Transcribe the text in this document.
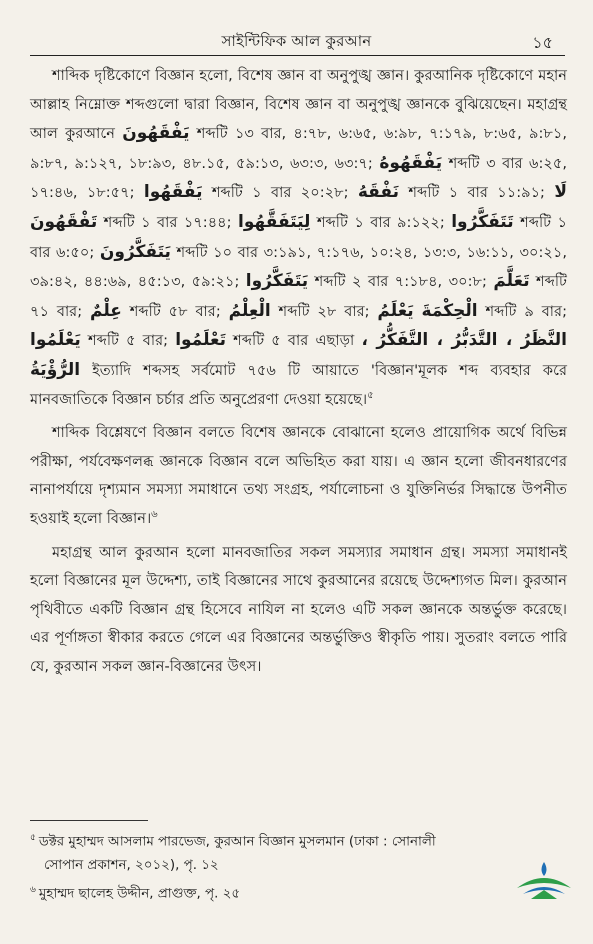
সাইন্টিফিক আল কুরআন	১৫

শাব্দিক দৃষ্টিকোণে বিজ্ঞান হলো, বিশেষ জ্ঞান বা অনুপুঙ্খ জ্ঞান। কুরআনিক দৃষ্টিকোণে মহান আল্লাহ নিম্নোক্ত শব্দগুলো দ্বারা বিজ্ঞান, বিশেষ জ্ঞান বা অনুপুঙ্খ জ্ঞানকে বুঝিয়েছেন। মহাগ্রন্থ আল কুরআনে يَفْقَهُونَ শব্দটি ১৩ বার, ৪:৭৮, ৬:৬৫, ৬:৯৮, ৭:১৭৯, ৮:৬৫, ৯:৮১, ৯:৮৭, ৯:১২৭, ১৮:৯৩, ৪৮.১৫, ৫৯:১৩, ৬৩:৩, ৬৩:৭; يَفْقَهُوهُ শব্দটি ৩ বার ৬:২৫, ১৭:৪৬, ১৮:৫৭; يَفْقَهُوا শব্দটি ১ বার ২০:২৮; نَفْقَهُ শব্দটি ১ বার ১১:৯১; لَا تَفْقَهُونَ শব্দটি ১ বার ১৭:৪৪; لِيَتَفَقَّهُوا শব্দটি ১ বার ৯:১২২; تَتَفَكَّرُوا শব্দটি ১ বার ৬:৫০; يَتَفَكَّرُونَ শব্দটি ১০ বার ৩:১৯১, ৭:১৭৬, ১০:২৪, ১৩:৩, ১৬:১১, ৩০:২১, ৩৯:৪২, ৪৪:৬৯, ৪৫:১৩, ৫৯:২১; يَتَفَكَّرُوا শব্দটি ২ বার ৭:১৮৪, ৩০:৮; تَعَلَّمَ শব্দটি ৭১ বার; عِلْمٌ শব্দটি ৫৮ বার; الْعِلْمُ শব্দটি ২৮ বার; يَعْلَمُ الْحِكْمَةَ শব্দটি ৯ বার; يَعْلَمُوا শব্দটি ৫ বার; تَعْلَمُوا শব্দটি ৫ বার এছাড়া النَّظَرُ ، التَّدَبُّرُ ، التَّفَكُّرُ ، الرُّؤْيَةُ ইত্যাদি শব্দসহ সর্বমোট ৭৫৬ টি আয়াতে 'বিজ্ঞান'মূলক শব্দ ব্যবহার করে মানবজাতিকে বিজ্ঞান চর্চার প্রতি অনুপ্রেরণা দেওয়া হয়েছে।$^৫$

শাব্দিক বিশ্লেষণে বিজ্ঞান বলতে বিশেষ জ্ঞানকে বোঝানো হলেও প্রায়োগিক অর্থে বিভিন্ন পরীক্ষা, পর্যবেক্ষণলব্ধ জ্ঞানকে বিজ্ঞান বলে অভিহিত করা যায়। এ জ্ঞান হলো জীবনধারণের নানাপর্যায়ে দৃশ্যমান সমস্যা সমাধানে তথ্য সংগ্রহ, পর্যালোচনা ও যুক্তিনির্ভর সিদ্ধান্তে উপনীত হওয়াই হলো বিজ্ঞান।$^৬$

মহাগ্রন্থ আল কুরআন হলো মানবজাতির সকল সমস্যার সমাধান গ্রন্থ। সমস্যা সমাধানই হলো বিজ্ঞানের মূল উদ্দেশ্য, তাই বিজ্ঞানের সাথে কুরআনের রয়েছে উদ্দেশ্যগত মিল। কুরআন পৃথিবীতে একটি বিজ্ঞান গ্রন্থ হিসেবে নাযিল না হলেও এটি সকল জ্ঞানকে অন্তর্ভুক্ত করেছে। এর পূর্ণাঙ্গতা স্বীকার করতে গেলে এর বিজ্ঞানের অন্তর্ভুক্তিও স্বীকৃতি পায়। সুতরাং বলতে পারি যে, কুরআন সকল জ্ঞান-বিজ্ঞানের উৎস।

$^৫$ ডক্টর মুহাম্মদ আসলাম পারভেজ, কুরআন বিজ্ঞান মুসলমান (ঢাকা : সোনালী

সোপান প্রকাশন, ২০১২), পৃ. ১২

$^৬$ মুহাম্মদ ছালেহ উদ্দীন, প্রাগুক্ত, পৃ. ২৫
